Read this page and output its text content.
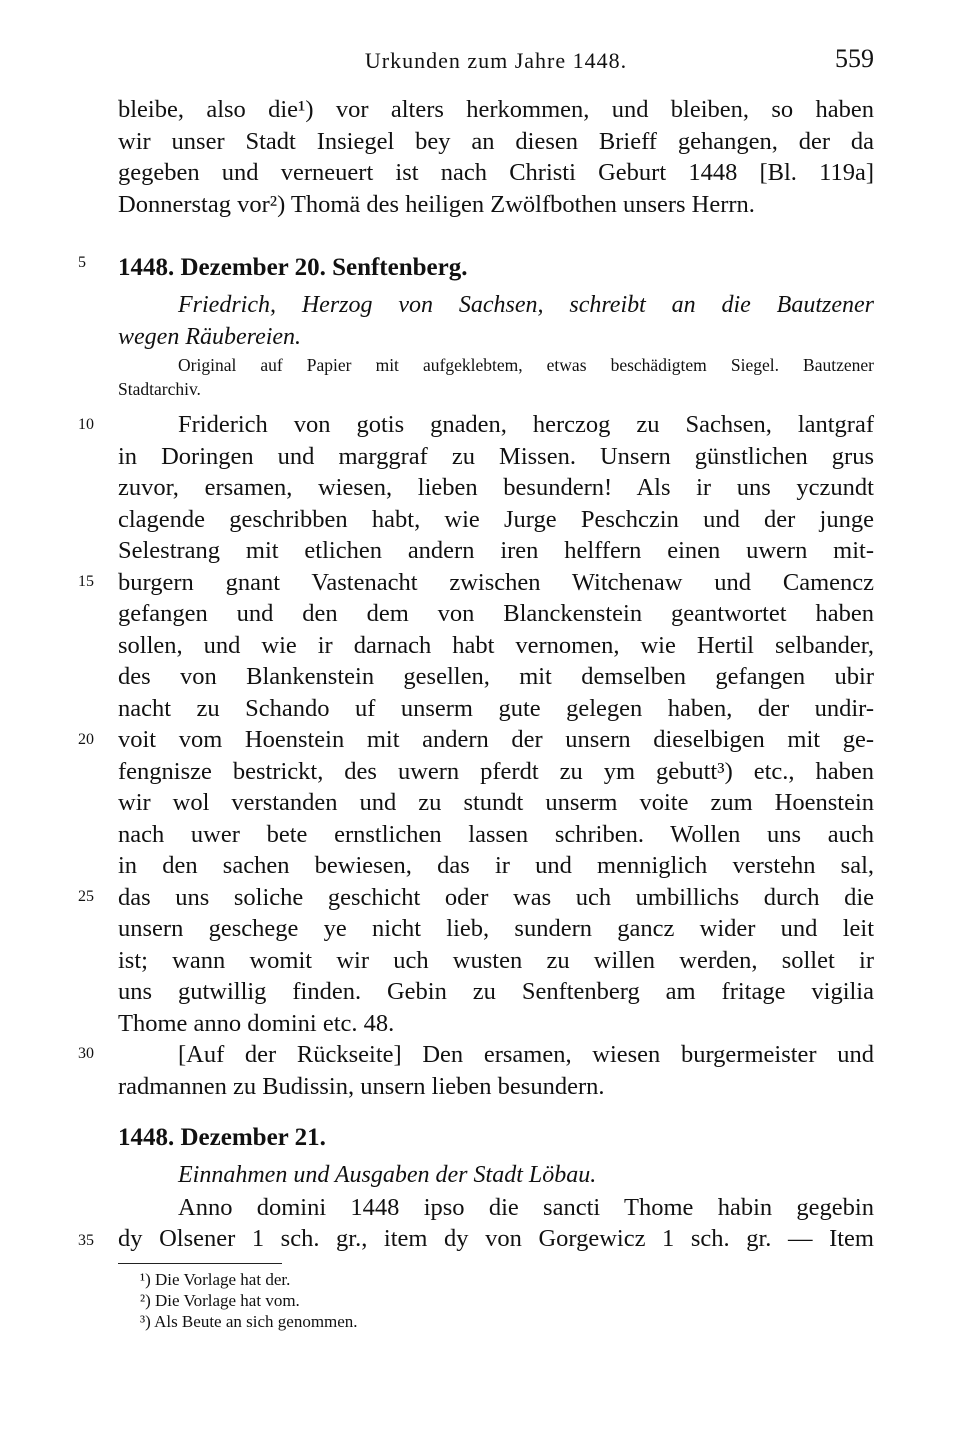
Urkunden zum Jahre 1448.	559
bleibe, also die¹) vor alters herkommen, und bleiben, so haben
wir unser Stadt Insiegel bey an diesen Brieff gehangen, der da
gegeben und verneuert ist nach Christi Geburt 1448 [Bl. 119a]
Donnerstag vor²) Thomä des heiligen Zwölfbothen unsers Herrn.
1448. Dezember 20. Senftenberg.
Friedrich, Herzog von Sachsen, schreibt an die Bautzener
wegen Räubereien.
Original auf Papier mit aufgeklebtem, etwas beschädigtem Siegel. Bautzener
Stadtarchiv.
Friderich von gotis gnaden, herczog zu Sachsen, lantgraf
in Doringen und marggraf zu Missen. Unsern günstlichen grus
zuvor, ersamen, wiesen, lieben besundern! Als ir uns yczundt
clagende geschribben habt, wie Jurge Peschczin und der junge
Selestrang mit etlichen andern iren helffern einen uwern mit-
burgern gnant Vastenacht zwischen Witchenaw und Camencz
gefangen und den dem von Blanckenstein geantwortet haben
sollen, und wie ir darnach habt vernomen, wie Hertil selbander,
des von Blankenstein gesellen, mit demselben gefangen ubir
nacht zu Schando uf unserm gute gelegen haben, der undir-
voit vom Hoenstein mit andern der unsern dieselbigen mit ge-
fengnisze bestrickt, des uwern pferdt zu ym gebutt³) etc., haben
wir wol verstanden und zu stundt unserm voite zum Hoenstein
nach uwer bete ernstlichen lassen schriben. Wollen uns auch
in den sachen bewiesen, das ir und menniglich verstehn sal,
das uns soliche geschicht oder was uch umbillichs durch die
unsern geschege ye nicht lieb, sundern gancz wider und leit
ist; wann womit wir uch wusten zu willen werden, sollet ir
uns gutwillig finden. Gebin zu Senftenberg am fritage vigilia
Thome anno domini etc. 48.
[Auf der Rückseite] Den ersamen, wiesen burgermeister und
radmannen zu Budissin, unsern lieben besundern.
1448. Dezember 21.
Einnahmen und Ausgaben der Stadt Löbau.
Anno domini 1448 ipso die sancti Thome habin gegebin
dy Olsener 1 sch. gr., item dy von Gorgewicz 1 sch. gr. — Item
5
10
15
20
25
30
35
¹) Die Vorlage hat der.
²) Die Vorlage hat vom.
³) Als Beute an sich genommen.
